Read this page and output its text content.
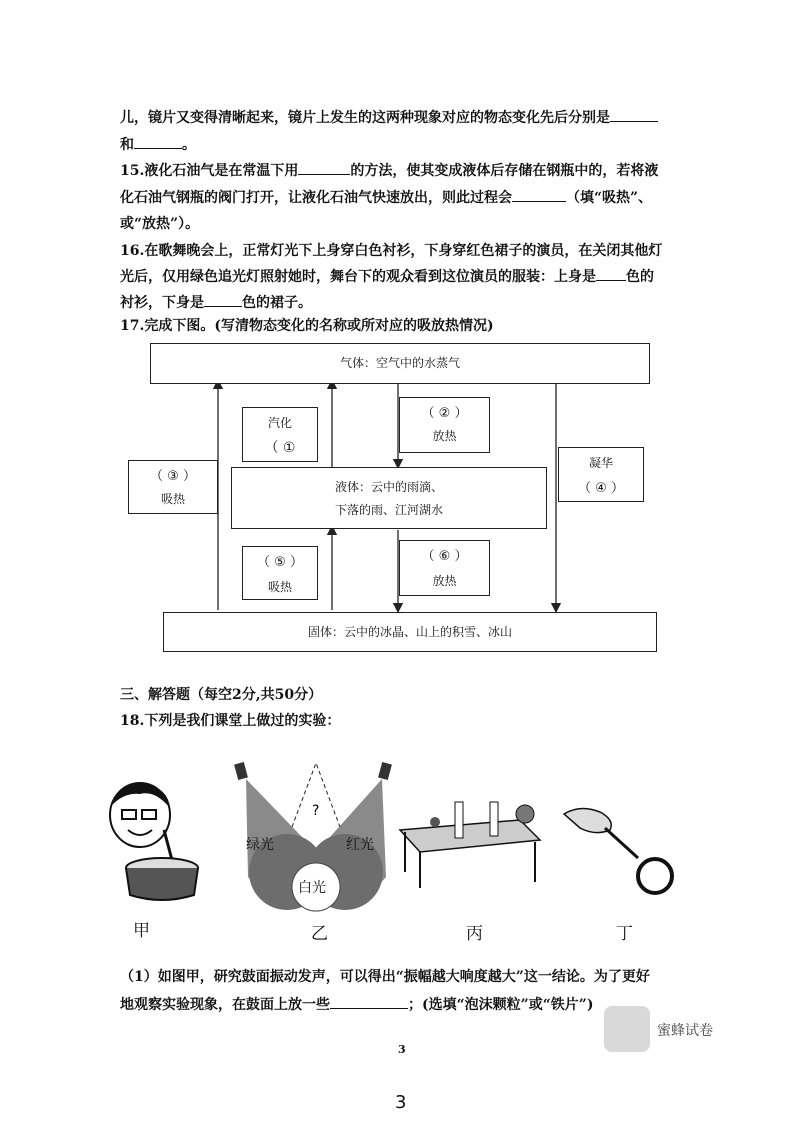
儿，镜片又变得清晰起来，镜片上发生的这两种现象对应的物态变化先后分别是
和	。
15.液化石油气是在常温下用	的方法，使其变成液体后存储在钢瓶中的，若将液
化石油气钢瓶的阀门打开，让液化石油气快速放出，则此过程会	（填“吸热”、
或“放热”）。
16.在歌舞晚会上，正常灯光下上身穿白色衬衫，下身穿红色裙子的演员，在关闭其他灯
光后，仅用绿色追光灯照射她时，舞台下的观众看到这位演员的服装：上身是 色的
衬衫，下身是	色的裙子。
17.完成下图。(写清物态变化的名称或所对应的吸放热情况)
气体：空气中的水蒸气
汽化
（ ①
（ ② ）
放热
（ ③ ）
吸热
凝华
（ ④ ）
液体：云中的雨滴、
下落的雨、江河湖水
（ ⑤ ）
吸热
（ ⑥ ）
放热
固体：云中的冰晶、山上的积雪、冰山
三、解答题（每空2分,共50分）
18.下列是我们课堂上做过的实验：
?
绿光	红光
白光
甲	乙	丙	丁
（1）如图甲，研究鼓面振动发声，可以得出“振幅越大响度越大”这一结论。为了更好
地观察实验现象，在鼓面上放一些	；(选填“泡沫颗粒”或“铁片”)
蜜蜂试卷
3
3
